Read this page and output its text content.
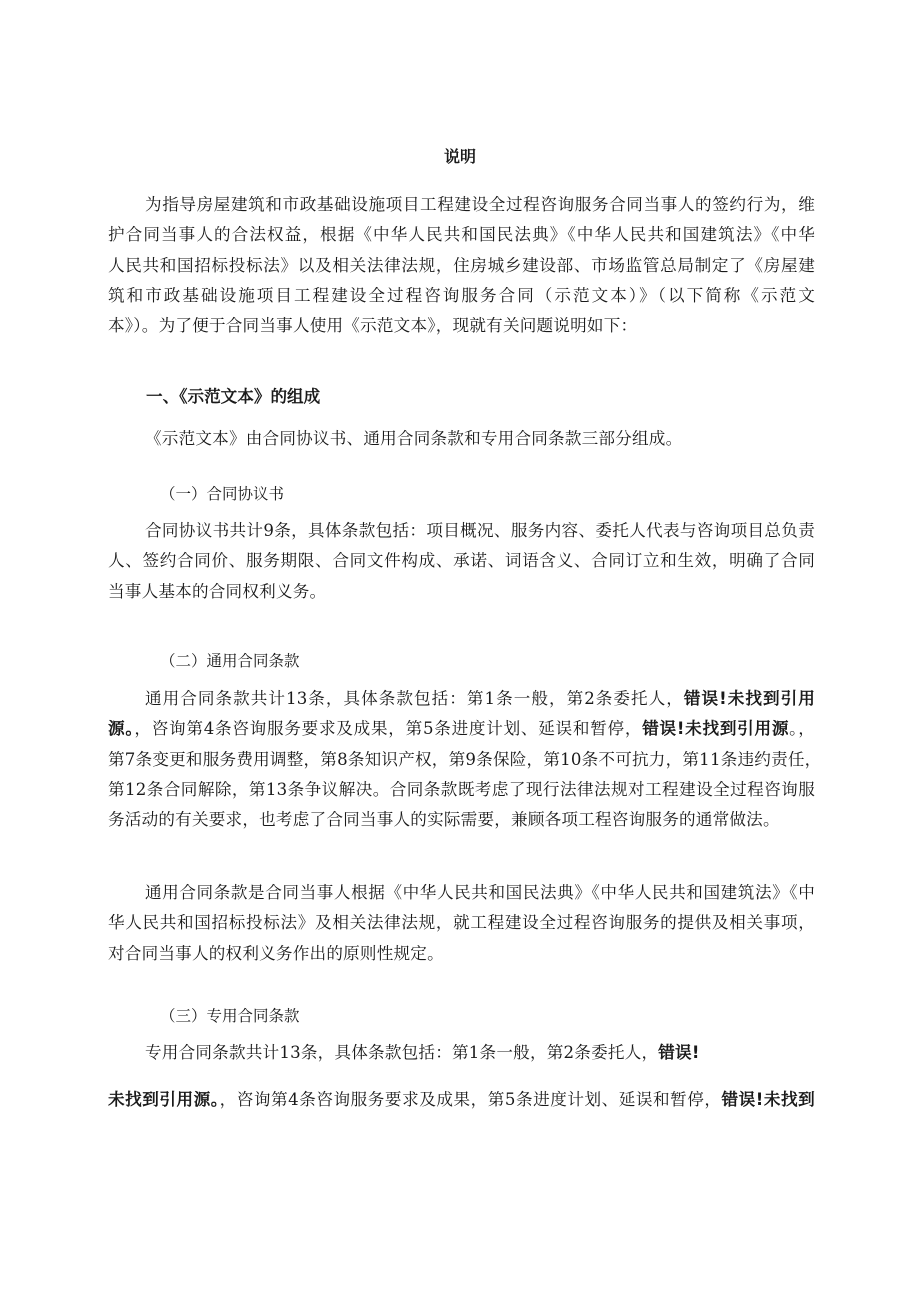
说明
为指导房屋建筑和市政基础设施项目工程建设全过程咨询服务合同当事人的签约行为，维
护合同当事人的合法权益，根据《中华人民共和国民法典》《中华人民共和国建筑法》《中华
人民共和国招标投标法》以及相关法律法规，住房城乡建设部、市场监管总局制定了《房屋建
筑和市政基础设施项目工程建设全过程咨询服务合同（示范文本）》（以下简称《示范文
本》）。为了便于合同当事人使用《示范文本》，现就有关问题说明如下：
一、《示范文本》的组成
《示范文本》由合同协议书、通用合同条款和专用合同条款三部分组成。
（一）合同协议书
合同协议书共计9条，具体条款包括：项目概况、服务内容、委托人代表与咨询项目总负责
人、签约合同价、服务期限、合同文件构成、承诺、词语含义、合同订立和生效，明确了合同
当事人基本的合同权利义务。
（二）通用合同条款
通用合同条款共计13条，具体条款包括：第1条一般，第2条委托人，错误!未找到引用
源。，咨询第4条咨询服务要求及成果，第5条进度计划、延误和暂停，错误!未找到引用源。，
第7条变更和服务费用调整，第8条知识产权，第9条保险，第10条不可抗力，第11条违约责任，
第12条合同解除，第13条争议解决。合同条款既考虑了现行法律法规对工程建设全过程咨询服
务活动的有关要求，也考虑了合同当事人的实际需要，兼顾各项工程咨询服务的通常做法。
通用合同条款是合同当事人根据《中华人民共和国民法典》《中华人民共和国建筑法》《中
华人民共和国招标投标法》及相关法律法规，就工程建设全过程咨询服务的提供及相关事项，
对合同当事人的权利义务作出的原则性规定。
（三）专用合同条款
专用合同条款共计13条，具体条款包括：第1条一般，第2条委托人，错误!
未找到引用源。，咨询第4条咨询服务要求及成果，第5条进度计划、延误和暂停，错误!未找到
